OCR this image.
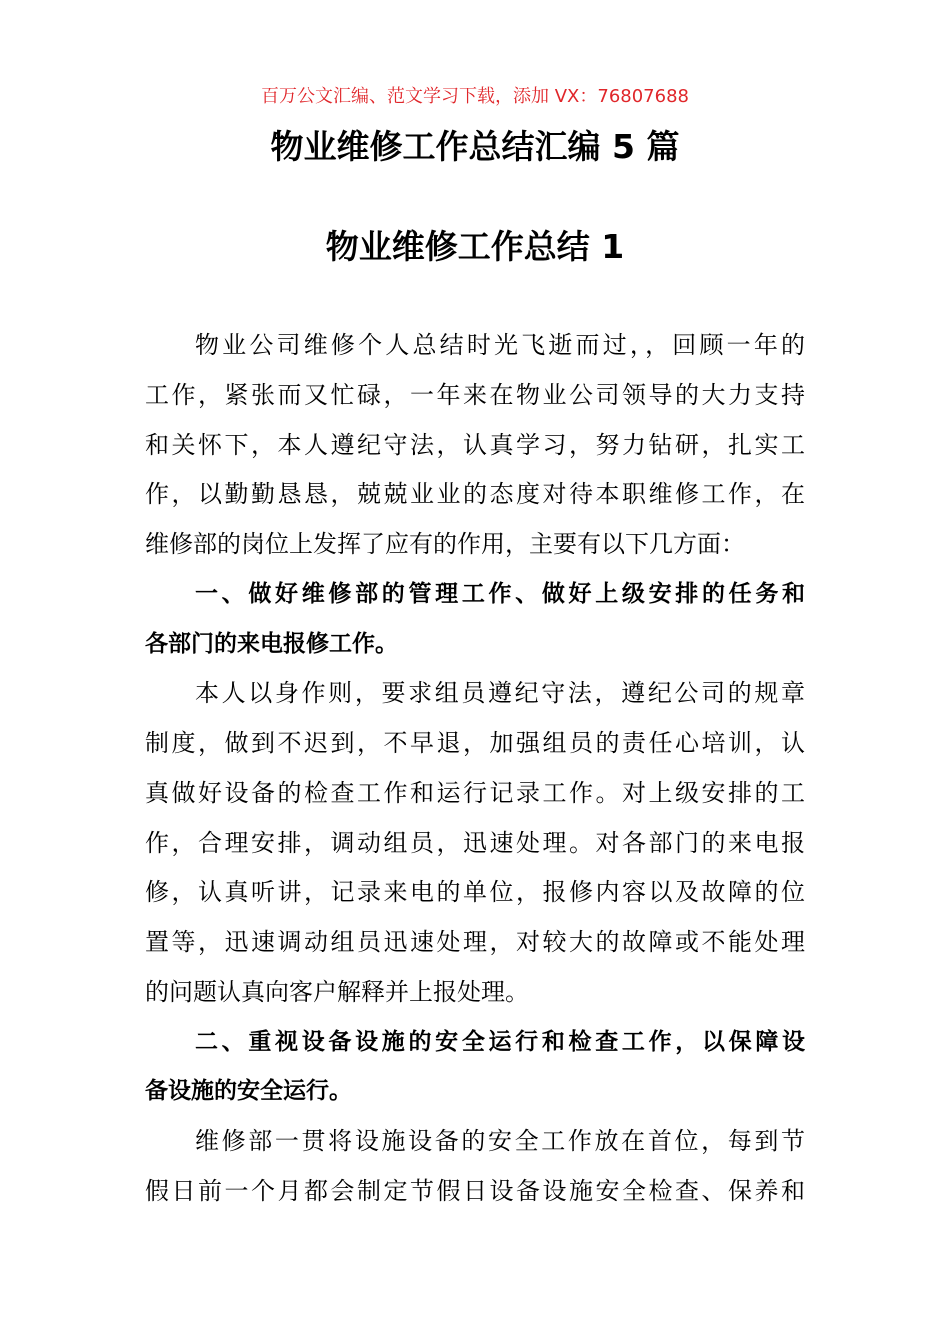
百万公文汇编、范文学习下载，添加 VX：76807688
物业维修工作总结汇编 5 篇
物业维修工作总结 1
物业公司维修个人总结时光飞逝而过，，回顾一年的
工作，紧张而又忙碌，一年来在物业公司领导的大力支持
和关怀下，本人遵纪守法，认真学习，努力钻研，扎实工
作，以勤勤恳恳，兢兢业业的态度对待本职维修工作，在
维修部的岗位上发挥了应有的作用，主要有以下几方面：
一、做好维修部的管理工作、做好上级安排的任务和
各部门的来电报修工作。
本人以身作则，要求组员遵纪守法，遵纪公司的规章
制度，做到不迟到，不早退，加强组员的责任心培训，认
真做好设备的检查工作和运行记录工作。对上级安排的工
作，合理安排，调动组员，迅速处理。对各部门的来电报
修，认真听讲，记录来电的单位，报修内容以及故障的位
置等，迅速调动组员迅速处理，对较大的故障或不能处理
的问题认真向客户解释并上报处理。
二、重视设备设施的安全运行和检查工作，以保障设
备设施的安全运行。
维修部一贯将设施设备的安全工作放在首位，每到节
假日前一个月都会制定节假日设备设施安全检查、保养和
